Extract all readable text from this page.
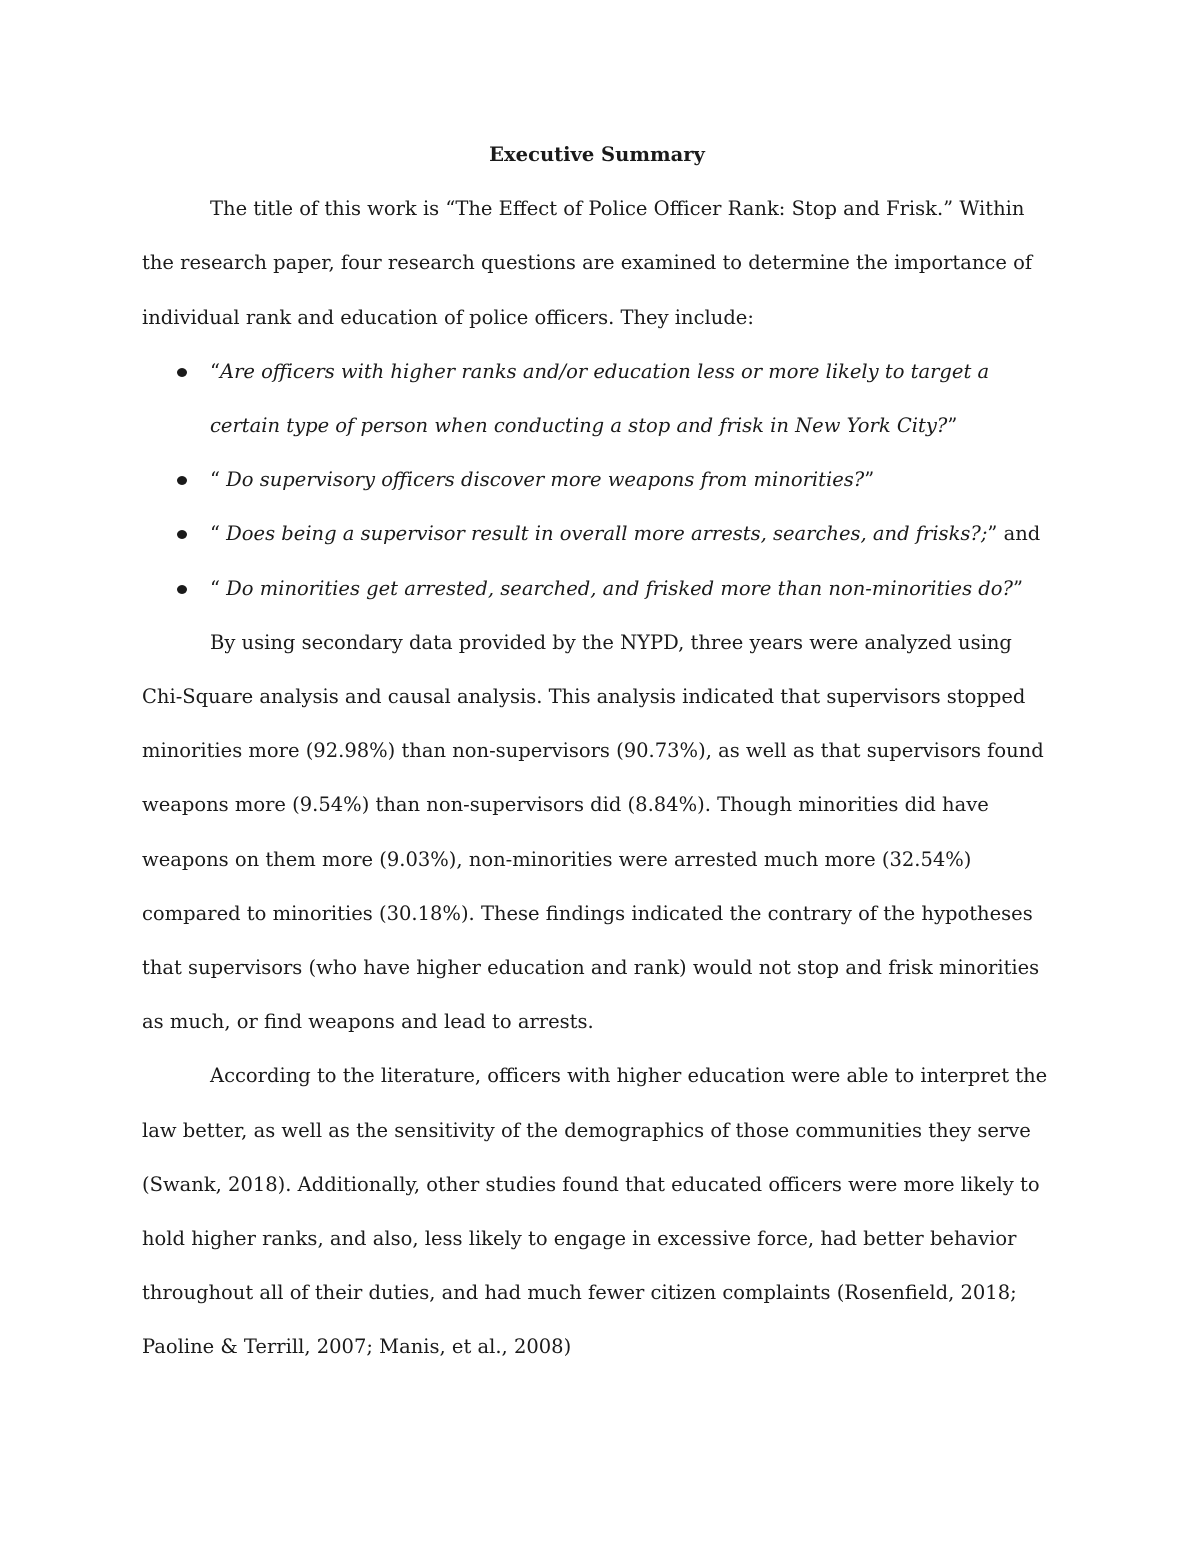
Executive Summary

The title of this work is “The Effect of Police Officer Rank: Stop and Frisk.” Within the research paper, four research questions are examined to determine the importance of individual rank and education of police officers. They include:

“Are officers with higher ranks and/or education less or more likely to target a certain type of person when conducting a stop and frisk in New York City?”
“ Do supervisory officers discover more weapons from minorities?”
“ Does being a supervisor result in overall more arrests, searches, and frisks?;” and
“ Do minorities get arrested, searched, and frisked more than non-minorities do?”

By using secondary data provided by the NYPD, three years were analyzed using Chi-Square analysis and causal analysis. This analysis indicated that supervisors stopped minorities more (92.98%) than non-supervisors (90.73%), as well as that supervisors found weapons more (9.54%) than non-supervisors did (8.84%). Though minorities did have weapons on them more (9.03%), non-minorities were arrested much more (32.54%) compared to minorities (30.18%). These findings indicated the contrary of the hypotheses that supervisors (who have higher education and rank) would not stop and frisk minorities as much, or find weapons and lead to arrests.

According to the literature, officers with higher education were able to interpret the law better, as well as the sensitivity of the demographics of those communities they serve (Swank, 2018). Additionally, other studies found that educated officers were more likely to hold higher ranks, and also, less likely to engage in excessive force, had better behavior throughout all of their duties, and had much fewer citizen complaints (Rosenfield, 2018; Paoline & Terrill, 2007; Manis, et al., 2008)
